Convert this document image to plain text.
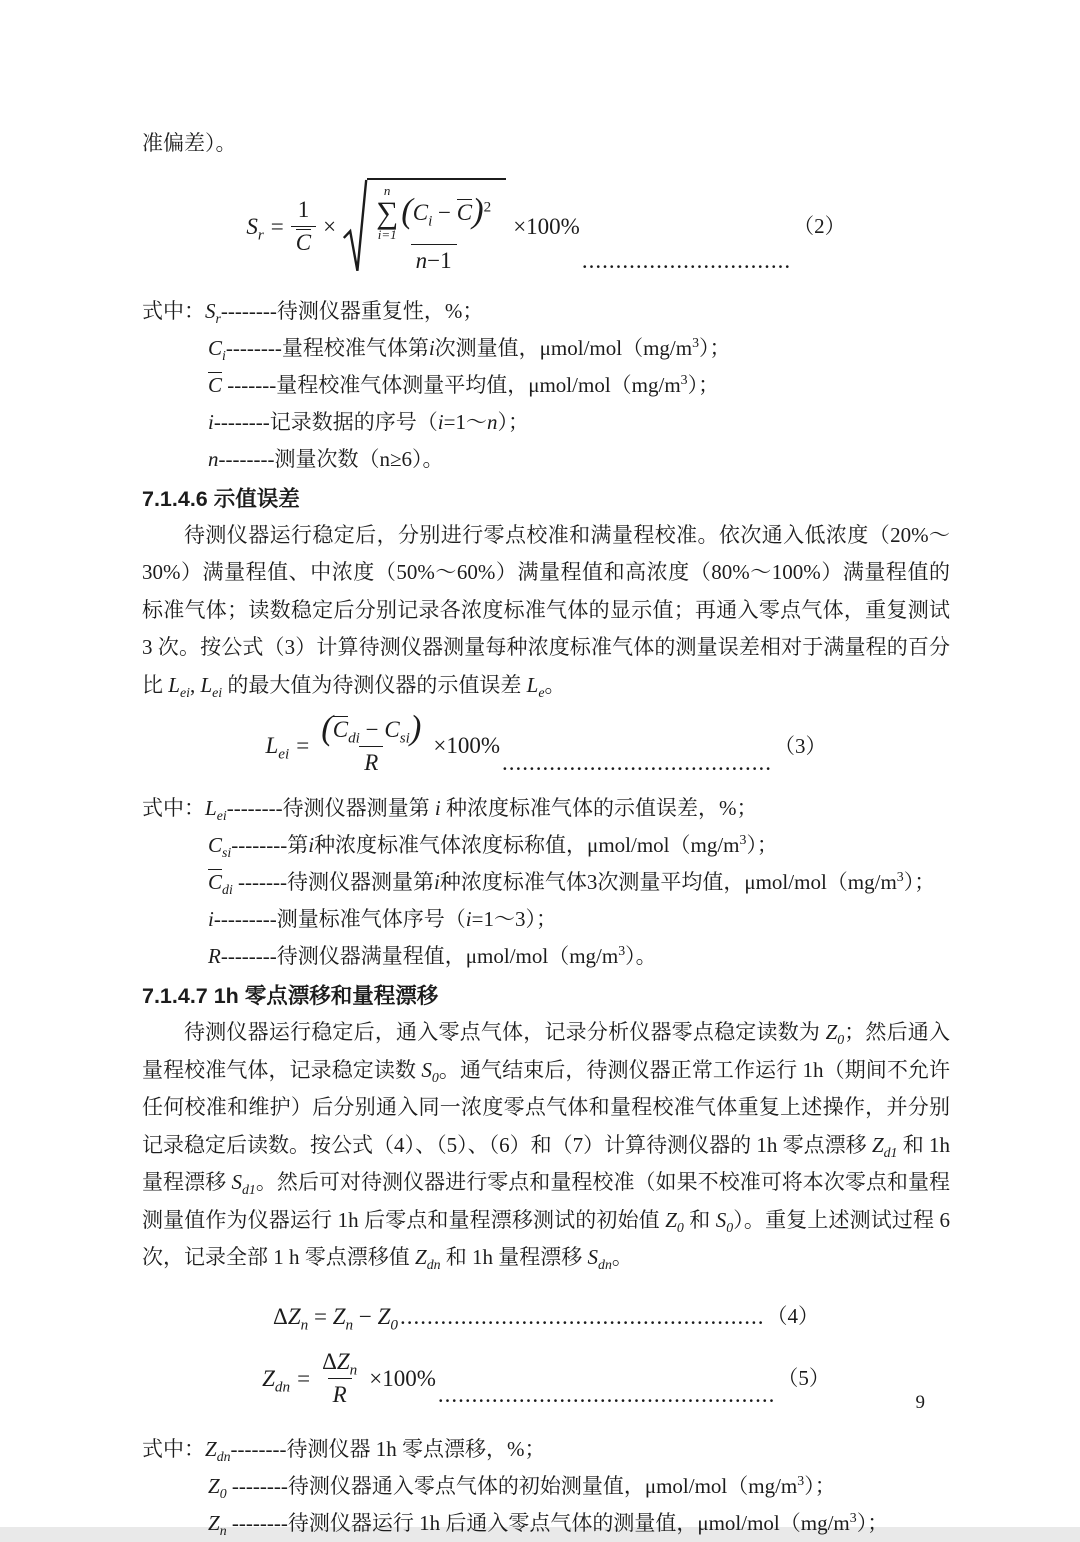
准偏差）。

$S_r = \frac{1}{C}$ ×
n
∑
i=1
$(C_i - C)^2$
n−1
×100%
...............................
（2）
式中：$S_r--------$待测仪器重复性，%；
$C_i--------$量程校准气体第i次测量值，μmol/$mol(mg/m^3)$；
C -------量程校准气体测量平均值，μmol/$mol(mg/m^3)$；
i--------记录数据的序号（i=1～n）；
n--------测量次数（n≥6）。
7.1.4.6 示值误差

待测仪器运行稳定后，分别进行零点校准和满量程校准。依次通入低浓度（20%～30%）满量程值、中浓度（50%～60%）满量程值和高浓度（80%～100%）满量程值的标准气体；读数稳定后分别记录各浓度标准气体的显示值；再通入零点气体，重复测试 3 次。按公式（3）计算待测仪器测量每种浓度标准气体的测量误差相对于满量程的百分比 $L_{ei}$, $L_{ei}$ 的最大值为待测仪器的示值误差 $L_e$。

$L_{ei} = \frac{(C_{di} - C_{si})}{R} \times 100\%$
........................................
（3）
式中：$L_{ei}--------$待测仪器测量第 i 种浓度标准气体的示值误差，%；
$C_{si}--------$第i种浓度标准气体浓度标称值，μmol/$mol(mg/m^3)$；
$C_{di}$ -------待测仪器测量第i种浓度标准气体3次测量平均值，μmol/$mol(mg/m^3)$；
i---------测量标准气体序号（i=1～3）；
R--------待测仪器满量程值，μmol/$mol(mg/m^3)$。
7.1.4.7 1h 零点漂移和量程漂移

待测仪器运行稳定后，通入零点气体，记录分析仪器零点稳定读数为 $Z_0$；然后通入量程校准气体，记录稳定读数 $S_0$。通气结束后，待测仪器正常工作运行 1h（期间不允许任何校准和维护）后分别通入同一浓度零点气体和量程校准气体重复上述操作，并分别记录稳定后读数。按公式（4）、（5）、（6）和（7）计算待测仪器的 1h 零点漂移 $Z_{d1}$ 和 1h 量程漂移 $S_{d1}$。然后可对待测仪器进行零点和量程校准（如果不校准可将本次零点和量程测量值作为仪器运行 1h 后零点和量程漂移测试的初始值 $Z_0$ 和 $S_0$）。重复上述测试过程 6 次，记录全部 1 h 零点漂移值 $Z_{dn}$ 和 1h 量程漂移 $S_{dn}$。

$\Delta Z_n = Z_n - Z_0$ ...................................................... （4）
$Z_{dn} = \frac{\Delta Z_n}{R} \times 100\%$
..................................................
（5）
式中：$Z_{dn}--------$待测仪器 1h 零点漂移，%；
$Z_0$ --------待测仪器通入零点气体的初始测量值，μmol/$mol(mg/m^3)$；
$Z_n$ --------待测仪器运行 1h 后通入零点气体的测量值，μmol/$mol(mg/m^3)$；
9
